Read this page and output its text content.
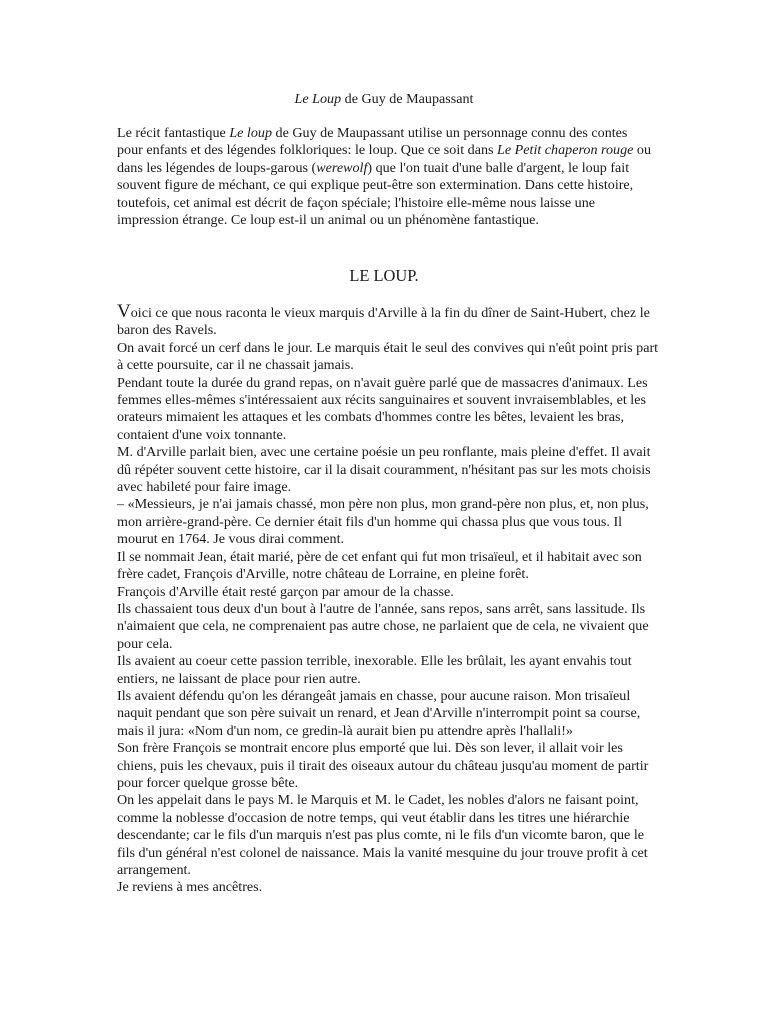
Le Loup de Guy de Maupassant

Le récit fantastique Le loup de Guy de Maupassant utilise un personnage connu des contes pour enfants et des légendes folkloriques: le loup. Que ce soit dans Le Petit chaperon rouge ou dans les légendes de loups-garous (werewolf) que l'on tuait d'une balle d'argent, le loup fait souvent figure de méchant, ce qui explique peut-être son extermination. Dans cette histoire, toutefois, cet animal est décrit de façon spéciale; l'histoire elle-même nous laisse une impression étrange. Ce loup est-il un animal ou un phénomène fantastique.

LE LOUP.

Voici ce que nous raconta le vieux marquis d'Arville à la fin du dîner de Saint-Hubert, chez le baron des Ravels.

On avait forcé un cerf dans le jour. Le marquis était le seul des convives qui n'eût point pris part à cette poursuite, car il ne chassait jamais.

Pendant toute la durée du grand repas, on n'avait guère parlé que de massacres d'animaux. Les femmes elles-mêmes s'intéressaient aux récits sanguinaires et souvent invraisemblables, et les orateurs mimaient les attaques et les combats d'hommes contre les bêtes, levaient les bras, contaient d'une voix tonnante.

M. d'Arville parlait bien, avec une certaine poésie un peu ronflante, mais pleine d'effet. Il avait dû répéter souvent cette histoire, car il la disait couramment, n'hésitant pas sur les mots choisis avec habileté pour faire image.

– «Messieurs, je n'ai jamais chassé, mon père non plus, mon grand-père non plus, et, non plus, mon arrière-grand-père. Ce dernier était fils d'un homme qui chassa plus que vous tous. Il mourut en 1764. Je vous dirai comment.

Il se nommait Jean, était marié, père de cet enfant qui fut mon trisaïeul, et il habitait avec son frère cadet, François d'Arville, notre château de Lorraine, en pleine forêt.

François d'Arville était resté garçon par amour de la chasse.

Ils chassaient tous deux d'un bout à l'autre de l'année, sans repos, sans arrêt, sans lassitude. Ils n'aimaient que cela, ne comprenaient pas autre chose, ne parlaient que de cela, ne vivaient que pour cela.

Ils avaient au coeur cette passion terrible, inexorable. Elle les brûlait, les ayant envahis tout entiers, ne laissant de place pour rien autre.

Ils avaient défendu qu'on les dérangeât jamais en chasse, pour aucune raison. Mon trisaïeul naquit pendant que son père suivait un renard, et Jean d'Arville n'interrompit point sa course, mais il jura: «Nom d'un nom, ce gredin-là aurait bien pu attendre après l'hallali!»

Son frère François se montrait encore plus emporté que lui. Dès son lever, il allait voir les chiens, puis les chevaux, puis il tirait des oiseaux autour du château jusqu'au moment de partir pour forcer quelque grosse bête.

On les appelait dans le pays M. le Marquis et M. le Cadet, les nobles d'alors ne faisant point, comme la noblesse d'occasion de notre temps, qui veut établir dans les titres une hiérarchie descendante; car le fils d'un marquis n'est pas plus comte, ni le fils d'un vicomte baron, que le fils d'un général n'est colonel de naissance. Mais la vanité mesquine du jour trouve profit à cet arrangement.

Je reviens à mes ancêtres.
